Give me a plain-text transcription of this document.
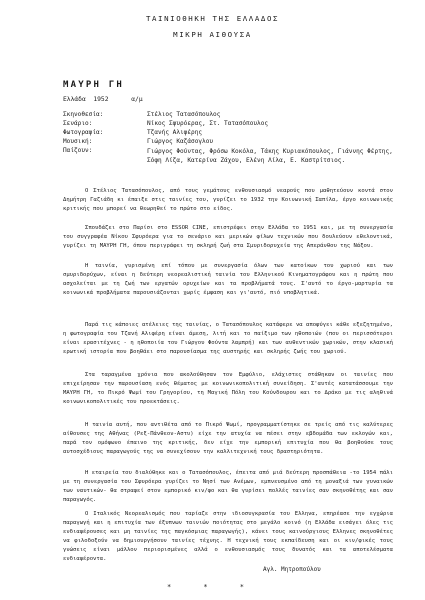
ΤΑΙΝΙΟΘΗΚΗ ΤΗΣ ΕΛΛΑΔΟΣ
ΜΙΚΡΗ ΑΙΘΟΥΣΑ
ΜΑΥΡΗ ΓΗ
Ελλάδα 1952	α/μ
Σκηνοθεσία:	Στέλιος Τατασόπουλος
Σενάριο:	Νίκος Σφυρόερας, Στ. Τατασόπουλος
Φωτογραφία:	Τζανής Αλιφέρης
Μουσική:	Γιώργος Καζάσογλου
Παίζουν:	Γιώργος Φούντας, Φρόσω Κοκόλα, Τάκης Κυριακόπουλος, Γιάννης Φέρτης, Σόφη Λίζα, Κατερίνα Ζάχου, Ελένη Λίλα, Ε. Καστρίτσιος.
Ο Στέλιος Τατασόπουλος, από τους γεμάτους ενθουσιασμό νεαρούς που μαθητεύουν κοντά στον Δημήτρη Γαζιάδη κι έπαιξε στις ταινίες του, γυρίζει το 1932 την Κοινωνική Σαπίλα, έργο κοινωνικής κριτικής που μπορεί να θεωρηθεί το πρώτο στο είδος.
Σπουδάζει στο Παρίσι στο ESSOR CINE, επιστρέφει στην Ελλάδα το 1951 και, με τη συνεργασία του συγγραφέα Νίκου Σφυρόερα για το σενάριο και μερικών φίλων τεχνικών που δουλεύουν εθελοντικά, γυρίζει τη ΜΑΥΡΗ ΓΗ, όπου περιγράφει τη σκληρή ζωή στα Σμυριδορυχεία της Απεράνθου της Νάξου.
Η ταινία, γυρισμένη επί τόπου με συνεργασία όλων των κατοίκων του χωριού και των σμυριδορύχων, είναι η δεύτερη νεορεαλιστική ταινία του Ελληνικού Κινηματογράφου και η πρώτη που ασχολείται με τη ζωή των εργατών ορυχείων και τα προβλήματά τους. Σ'αυτό το έργο-μαρτυρία τα κοινωνικά προβλήματα παρουσιάζονται χωρίς έμφαση και γι'αυτό, πιό υποβλητικά.
Παρά τις κάποιες ατέλειες της ταινίας, ο Τατασόπουλος κατάφερε να αποφύγει κάθε εξεζητημένο, η φωτογραφία του Τζανή Αλιφέρη είναι άμεση, λιτή και το παίξιμο των ηθοποιών (που οι περισσότεροι είναι ερασιτέχνες - η ηθοποιία του Γιώργου Φούντα λαμπρή) και των αυθεντικών χωρικών, στην κλασική ερωτική ιστορία που βοηθάει στο παρουσίασμα της αυστηρής και σκληρής ζωής του χωριού.
Στα ταραγμένα χρόνια που ακολούθησαν τον Εμφύλιο, ελάχιστες στάθηκαν οι ταινίες που επιχείρησαν την παρουσίαση ενός θέματος με κοινωνικοπολιτική συνείδηση. Σ'αυτές κατατάσσουμε την ΜΑΥΡΗ ΓΗ, το Πικρό Ψωμί του Γρηγορίου, τη Μαγική Πόλη του Κούνδουρου και το Δράκο με τις αληθινά κοινωνικοπολιτικές του προεκτάσεις.
Η ταινία αυτή, που αντιθέτα από το Πικρό Ψωμί, προγραμματίστηκε σε τρείς από τις καλύτερες αίθουσες της Αθήνας (Ρεξ-Πάνθεον-Αστυ) είχε την ατυχία να πέσει στην εβδομάδα των εκλογών και, παρά τον ομόφωνο έπαινο της κριτικής, δεν είχε την εμπορική επιτυχία που θα βοηθούσε τους αυτοσχέδιους παραγωγούς της να συνεχίσουν την καλλιτεχνική τους δραστηριότητα.
Η εταιρεία του διαλύθηκε και ο Τατασόπουλος, έπειτα από μιά δεύτερη προσπάθεια -το 1954 πάλι με τη συνεργασία του Σφυρόερα γυρίζει το Νησί των Ανέμων, εμπνευσμένο από τη μοναξιά των γυναικών των ναυτικών- θα στραφεί στον εμπορικό κιν/φο και θα γυρίσει πολλές ταινίες σαν σκηνοθέτης και σαν παραγωγός.
Ο Ιταλικός Νεορεαλισμός που ταρίαζε στην ιδιοσυγκρασία του Ελληνα, επηρέασε την εγχώρια παραγωγή και η επιτυχία των έξυπνων ταινιών ποιότητας στο μεγάλο κοινό (η Ελλάδα εισάγει όλες τις ενδιαφέρουσες και μη ταινίες της παγκόσμιας παραγωγής), κάνει τους καινούργιους Ελληνες σκηνοθέτες να φιλοδοξούν να δημιουργήσουν ταινίες τέχνης. Η τεχνική τους εκπαίδευση και οι κιν/φικές τους γνώσεις είναι μάλλον περιορισμένες αλλά ο ενθουσιασμός τους δυνατός και τα αποτελέσματα ενδιαφέροντα.
Αγλ. Μητροπούλου
* * *
